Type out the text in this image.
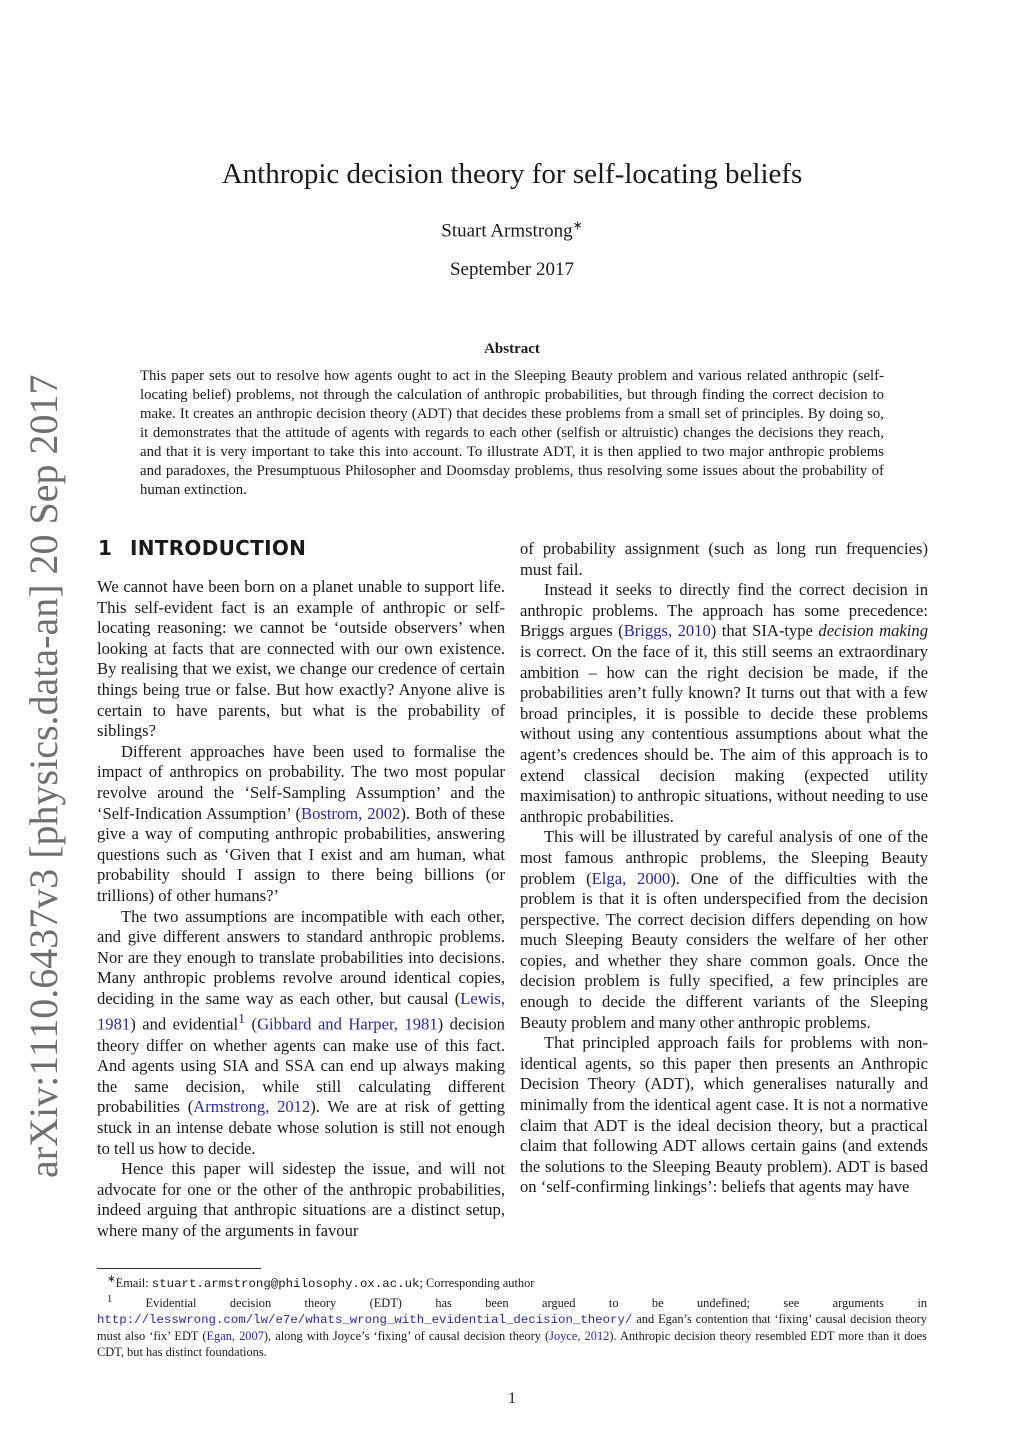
arXiv:1110.6437v3 [physics.data-an] 20 Sep 2017
Anthropic decision theory for self-locating beliefs
Stuart Armstrong∗
September 2017
Abstract

This paper sets out to resolve how agents ought to act in the Sleeping Beauty problem and various related anthropic (self-locating belief) problems, not through the calculation of anthropic probabilities, but through finding the correct decision to make. It creates an anthropic decision theory (ADT) that decides these problems from a small set of principles. By doing so, it demonstrates that the attitude of agents with regards to each other (selfish or altruistic) changes the decisions they reach, and that it is very important to take this into account. To illustrate ADT, it is then applied to two major anthropic problems and paradoxes, the Presumptuous Philosopher and Doomsday problems, thus resolving some issues about the probability of human extinction.

1 INTRODUCTION

We cannot have been born on a planet unable to support life. This self-evident fact is an example of anthropic or self-locating reasoning: we cannot be ‘outside observers’ when looking at facts that are connected with our own existence. By realising that we exist, we change our credence of certain things being true or false. But how exactly? Anyone alive is certain to have parents, but what is the probability of siblings?

Different approaches have been used to formalise the impact of anthropics on probability. The two most popular revolve around the ‘Self-Sampling Assumption’ and the ‘Self-Indication Assumption’ (Bostrom, 2002). Both of these give a way of computing anthropic probabilities, answering questions such as ‘Given that I exist and am human, what probability should I assign to there being billions (or trillions) of other humans?’

The two assumptions are incompatible with each other, and give different answers to standard anthropic problems. Nor are they enough to translate probabilities into decisions. Many anthropic problems revolve around identical copies, deciding in the same way as each other, but causal (Lewis, 1981) and evidential$^1$ (Gibbard and Harper, 1981) decision theory differ on whether agents can make use of this fact. And agents using SIA and SSA can end up always making the same decision, while still calculating different probabilities (Armstrong, 2012). We are at risk of getting stuck in an intense debate whose solution is still not enough to tell us how to decide.

Hence this paper will sidestep the issue, and will not advocate for one or the other of the anthropic probabilities, indeed arguing that anthropic situations are a distinct setup, where many of the arguments in favour

of probability assignment (such as long run frequencies) must fail.

Instead it seeks to directly find the correct decision in anthropic problems. The approach has some precedence: Briggs argues (Briggs, 2010) that SIA-type decision making is correct. On the face of it, this still seems an extraordinary ambition – how can the right decision be made, if the probabilities aren’t fully known? It turns out that with a few broad principles, it is possible to decide these problems without using any contentious assumptions about what the agent’s credences should be. The aim of this approach is to extend classical decision making (expected utility maximisation) to anthropic situations, without needing to use anthropic probabilities.

This will be illustrated by careful analysis of one of the most famous anthropic problems, the Sleeping Beauty problem (Elga, 2000). One of the difficulties with the problem is that it is often underspecified from the decision perspective. The correct decision differs depending on how much Sleeping Beauty considers the welfare of her other copies, and whether they share common goals. Once the decision problem is fully specified, a few principles are enough to decide the different variants of the Sleeping Beauty problem and many other anthropic problems.

That principled approach fails for problems with non-identical agents, so this paper then presents an Anthropic Decision Theory (ADT), which generalises naturally and minimally from the identical agent case. It is not a normative claim that ADT is the ideal decision theory, but a practical claim that following ADT allows certain gains (and extends the solutions to the Sleeping Beauty problem). ADT is based on ‘self-confirming linkings’: beliefs that agents may have

∗Email: stuart.armstrong@philosophy.ox.ac.uk; Corresponding author

$^1$ Evidential decision theory (EDT) has been argued to be undefined; see arguments in http://lesswrong.com/lw/e7e/whats_wrong_with_evidential_decision_theory/ and Egan’s contention that ‘fixing’ causal decision theory must also ‘fix’ EDT (Egan, 2007), along with Joyce’s ‘fixing’ of causal decision theory (Joyce, 2012). Anthropic decision theory resembled EDT more than it does CDT, but has distinct foundations.

1
